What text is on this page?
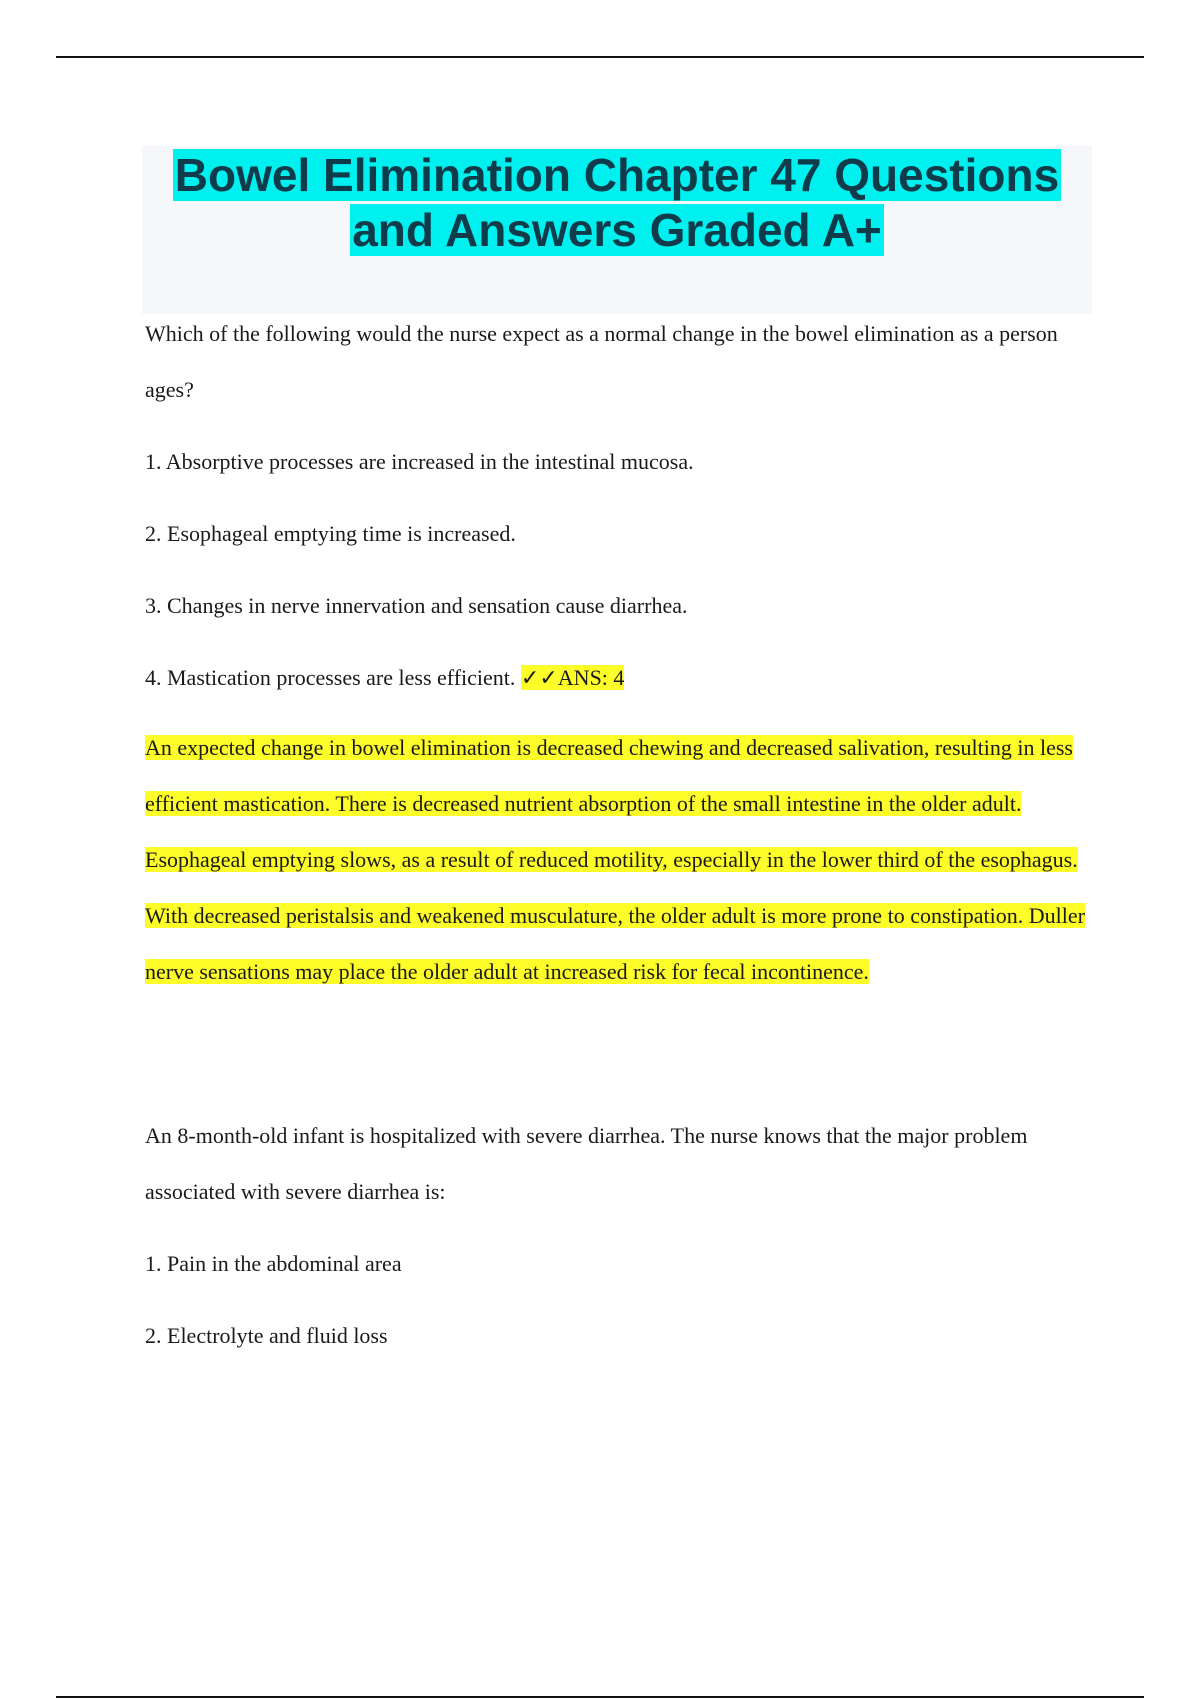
Bowel Elimination Chapter 47 Questions
and Answers Graded A+

Which of the following would the nurse expect as a normal change in the bowel elimination as a person ages?

1. Absorptive processes are increased in the intestinal mucosa.

2. Esophageal emptying time is increased.

3. Changes in nerve innervation and sensation cause diarrhea.

4. Mastication processes are less efficient. ✓✓ANS: 4

An expected change in bowel elimination is decreased chewing and decreased salivation, resulting in less efficient mastication. There is decreased nutrient absorption of the small intestine in the older adult. Esophageal emptying slows, as a result of reduced motility, especially in the lower third of the esophagus. With decreased peristalsis and weakened musculature, the older adult is more prone to constipation. Duller nerve sensations may place the older adult at increased risk for fecal incontinence.

An 8-month-old infant is hospitalized with severe diarrhea. The nurse knows that the major problem associated with severe diarrhea is:

1. Pain in the abdominal area

2. Electrolyte and fluid loss
